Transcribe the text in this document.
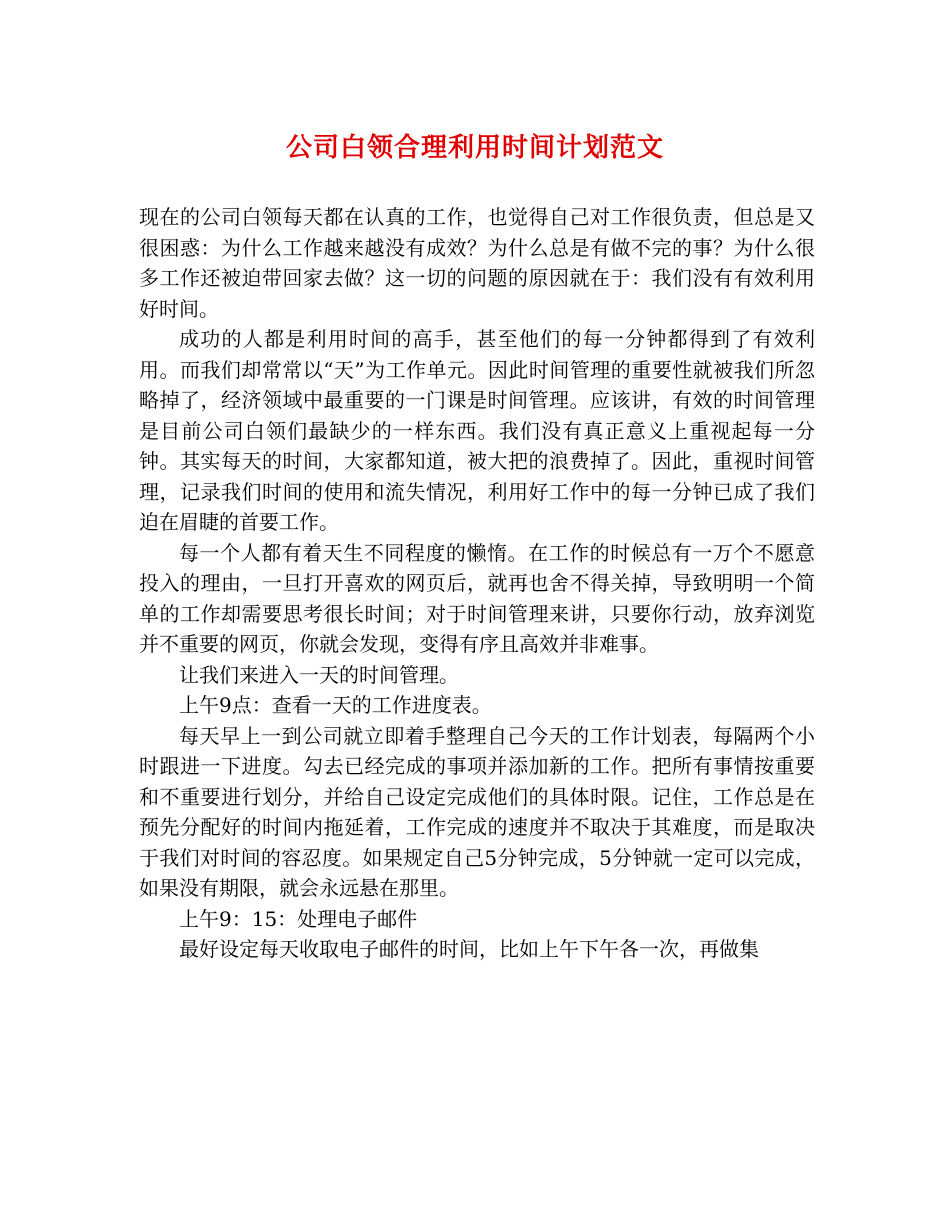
公司白领合理利用时间计划范文

现在的公司白领每天都在认真的工作，也觉得自己对工作很负责，但总是又很困惑：为什么工作越来越没有成效？为什么总是有做不完的事？为什么很多工作还被迫带回家去做？这一切的问题的原因就在于：我们没有有效利用好时间。

成功的人都是利用时间的高手，甚至他们的每一分钟都得到了有效利用。而我们却常常以“天”为工作单元。因此时间管理的重要性就被我们所忽略掉了，经济领域中最重要的一门课是时间管理。应该讲，有效的时间管理是目前公司白领们最缺少的一样东西。我们没有真正意义上重视起每一分钟。其实每天的时间，大家都知道，被大把的浪费掉了。因此，重视时间管理，记录我们时间的使用和流失情况，利用好工作中的每一分钟已成了我们迫在眉睫的首要工作。

每一个人都有着天生不同程度的懒惰。在工作的时候总有一万个不愿意投入的理由，一旦打开喜欢的网页后，就再也舍不得关掉，导致明明一个简单的工作却需要思考很长时间；对于时间管理来讲，只要你行动，放弃浏览并不重要的网页，你就会发现，变得有序且高效并非难事。

让我们来进入一天的时间管理。

上午9点：查看一天的工作进度表。

每天早上一到公司就立即着手整理自己今天的工作计划表，每隔两个小时跟进一下进度。勾去已经完成的事项并添加新的工作。把所有事情按重要和不重要进行划分，并给自己设定完成他们的具体时限。记住，工作总是在预先分配好的时间内拖延着，工作完成的速度并不取决于其难度，而是取决于我们对时间的容忍度。如果规定自己5分钟完成，5分钟就一定可以完成，如果没有期限，就会永远悬在那里。

上午9：15：处理电子邮件

最好设定每天收取电子邮件的时间，比如上午下午各一次，再做集
